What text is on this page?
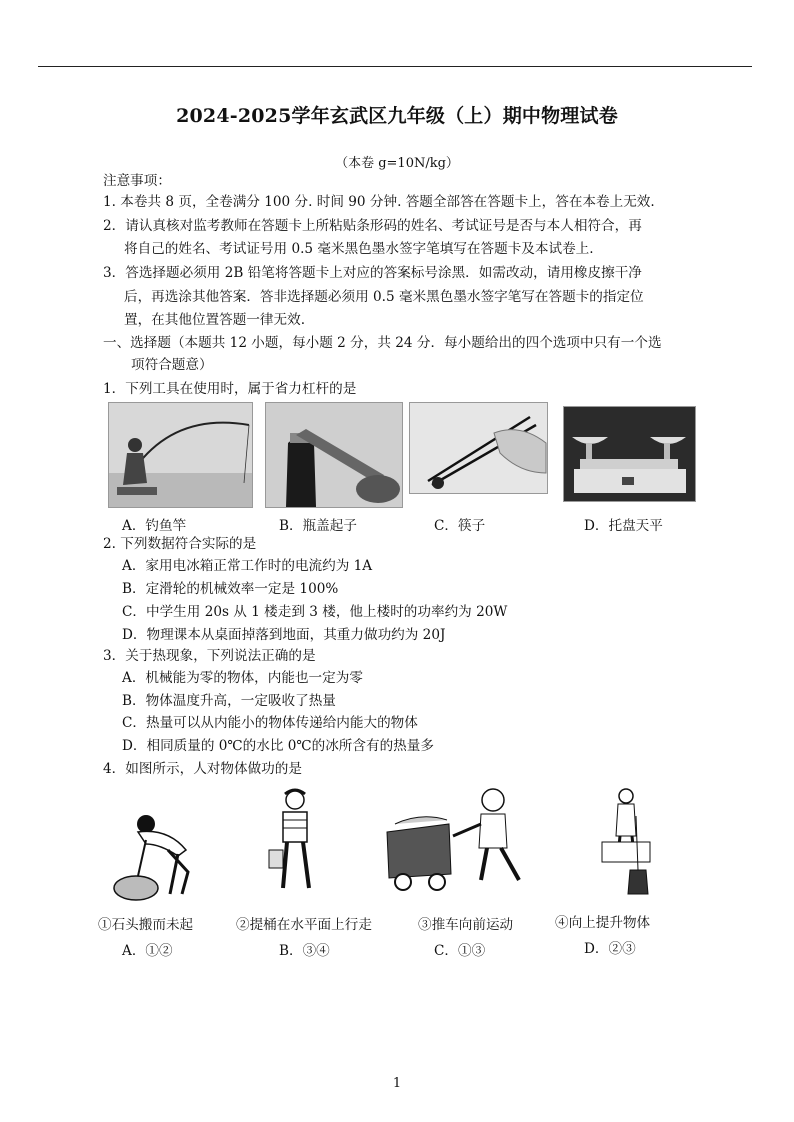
2024-2025学年玄武区九年级（上）期中物理试卷
（本卷 g=10N/kg）
注意事项：
1. 本卷共 8 页，全卷满分 100 分. 时间 90 分钟. 答题全部答在答题卡上，答在本卷上无效.
2．请认真核对监考教师在答题卡上所粘贴条形码的姓名、考试证号是否与本人相符合，再
将自己的姓名、考试证号用 0.5 毫米黑色墨水签字笔填写在答题卡及本试卷上.
3．答选择题必须用 2B 铅笔将答题卡上对应的答案标号涂黑．如需改动，请用橡皮擦干净
后，再选涂其他答案．答非选择题必须用 0.5 毫米黑色墨水签字笔写在答题卡的指定位
置，在其他位置答题一律无效.
一、选择题（本题共 12 小题，每小题 2 分，共 24 分．每小题给出的四个选项中只有一个选
项符合题意）
1．下列工具在使用时，属于省力杠杆的是
A．钓鱼竿	B．瓶盖起子	C．筷子	D．托盘天平
2. 下列数据符合实际的是
A．家用电冰箱正常工作时的电流约为 1A
B．定滑轮的机械效率一定是 100%
C．中学生用 20s 从 1 楼走到 3 楼，他上楼时的功率约为 20W
D．物理课本从桌面掉落到地面，其重力做功约为 20J
3．关于热现象，下列说法正确的是
A．机械能为零的物体，内能也一定为零
B．物体温度升高，一定吸收了热量
C．热量可以从内能小的物体传递给内能大的物体
D．相同质量的 0℃的水比 0℃的冰所含有的热量多
4．如图所示，人对物体做功的是
①石头搬而未起	②提桶在水平面上行走	③推车向前运动	④向上提升物体
A．①②	B．③④	C．①③	D．②③
1
